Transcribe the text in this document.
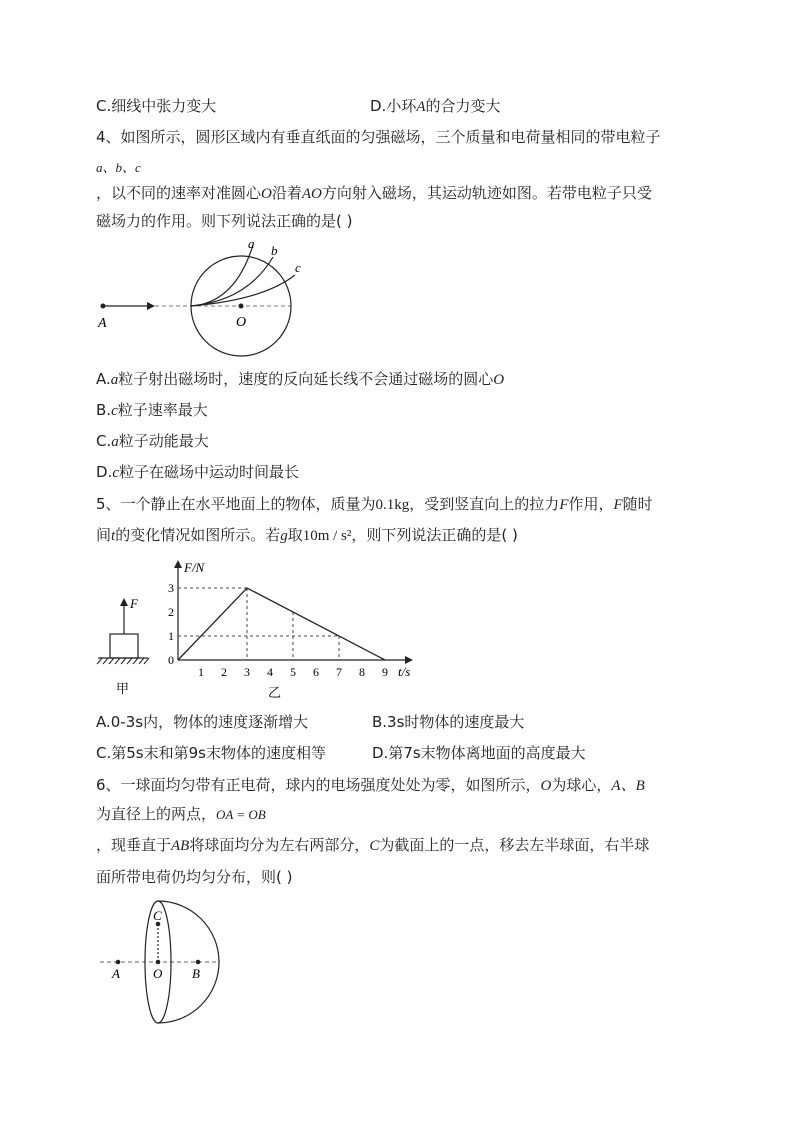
C.细线中张力变大	D.小环A的合力变大
4、如图所示，圆形区域内有垂直纸面的匀强磁场，三个质量和电荷量相同的带电粒子
a、b、c
，以不同的速率对准圆心O沿着AO方向射入磁场，其运动轨迹如图。若带电粒子只受
磁场力的作用。则下列说法正确的是( )
a b
c
A	O
A.a粒子射出磁场时，速度的反向延长线不会通过磁场的圆心O
B.c粒子速率最大
C.a粒子动能最大
D.c粒子在磁场中运动时间最长
5、一个静止在水平地面上的物体，质量为0.1kg，受到竖直向上的拉力F作用，F随时
间t的变化情况如图所示。若g取10m / s²，则下列说法正确的是( )
F
甲
F/N
t/s
0
1 2 3 4 5 6 7 8 9
1
2
3
乙
A.0-3s内，物体的速度逐渐增大	B.3s时物体的速度最大
C.第5s末和第9s末物体的速度相等	D.第7s末物体离地面的高度最大
6、一球面均匀带有正电荷，球内的电场强度处处为零，如图所示，O为球心，A、B
为直径上的两点，OA = OB
，现垂直于AB将球面均分为左右两部分，C为截面上的一点，移去左半球面，右半球
面所带电荷仍均匀分布，则( )
C
O
A	B
